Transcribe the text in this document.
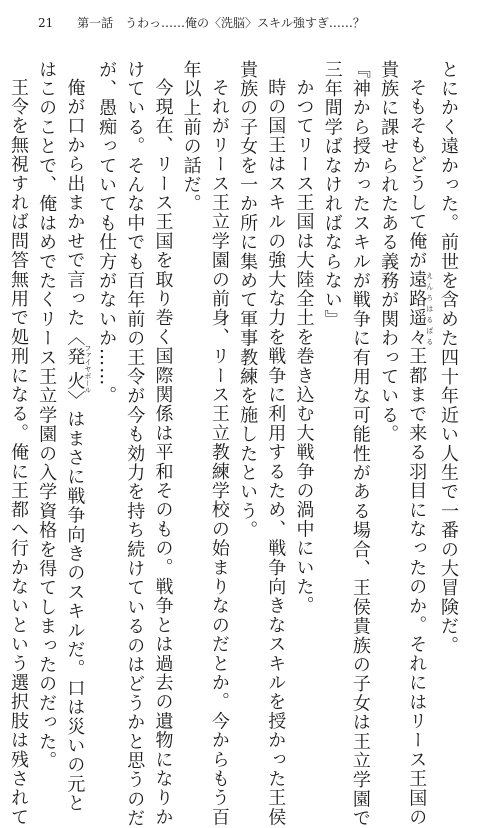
21 第一話　うわっ……俺の〈洗脳〉スキル強すぎ……？
とにかく遠かった。前世を含めた四十年近い人生で一番の大冒険だ。
そもそもどうして俺が遠路遥々えんろはるばる王都まで来る羽目になったのか。それにはリース王国の
貴族に課せられたある義務が関わっている。
『神から授かったスキルが戦争に有用な可能性がある場合、王侯貴族の子女は王立学園で
三年間学ばなければならない』
かつてリース王国は大陸全土を巻き込む大戦争の渦中にいた。
時の国王はスキルの強大な力を戦争に利用するため、戦争向きなスキルを授かった王侯
貴族の子女を一か所に集めて軍事教練を施したという。
それがリース王立学園の前身、リース王立教練学校の始まりなのだとか。今からもう百
年以上前の話だ。
今現在、リース王国を取り巻く国際関係は平和そのもの。戦争とは過去の遺物になりか
けている。そんな中でも百年前の王令が今も効力を持ち続けているのはどうかと思うのだ
が、愚痴っていても仕方がないか……。
俺が口から出まかせで言った〈発火ファイヤボール〉はまさに戦争向きのスキルだ。口は災いの元と
はこのことで、俺はめでたくリース王立学園の入学資格を得てしまったのだった。
王令を無視すれば問答無用で処刑になる。俺に王都へ行かないという選択肢は残されて
